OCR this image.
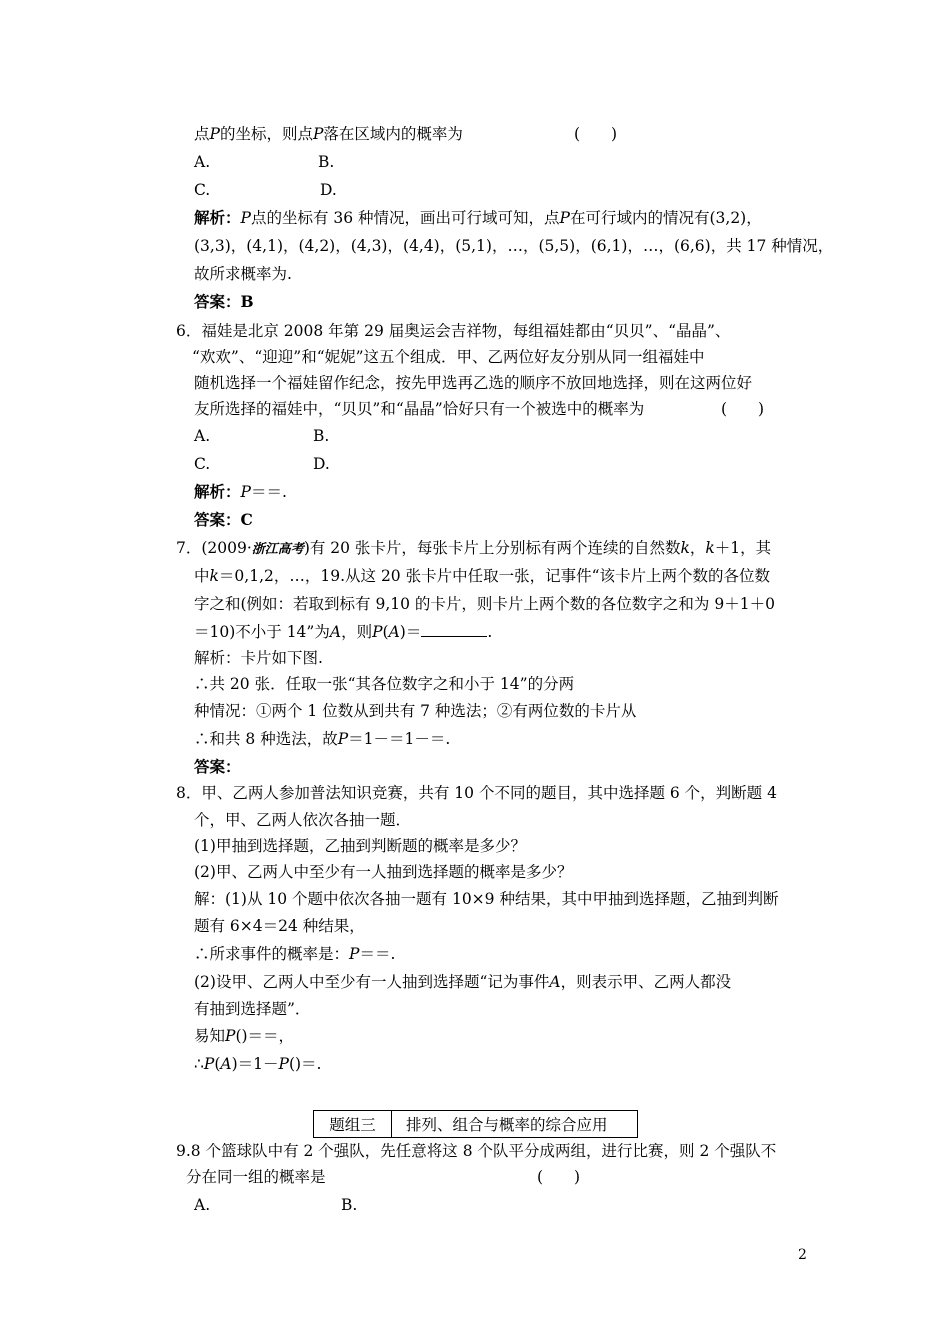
点P的坐标，则点P落在区域内的概率为	(　　)
A.	B.
C.	D.
解析：P点的坐标有 36 种情况，画出可行域可知，点P在可行域内的情况有(3,2)，
(3,3)，(4,1)，(4,2)，(4,3)，(4,4)，(5,1)，…，(5,5)，(6,1)，…，(6,6)，共 17 种情况，
故所求概率为.
答案：B
6．福娃是北京 2008 年第 29 届奥运会吉祥物，每组福娃都由“贝贝”、“晶晶”、
“欢欢”、“迎迎”和“妮妮”这五个组成．甲、乙两位好友分别从同一组福娃中
随机选择一个福娃留作纪念，按先甲选再乙选的顺序不放回地选择，则在这两位好
友所选择的福娃中，“贝贝”和“晶晶”恰好只有一个被选中的概率为	(　　)
A.	B.
C.	D.
解析：P＝＝.
答案：C
7．(2009·浙江高考)有 20 张卡片，每张卡片上分别标有两个连续的自然数k，k＋1，其
中k＝0,1,2，…，19.从这 20 张卡片中任取一张，记事件“该卡片上两个数的各位数
字之和(例如：若取到标有 9,10 的卡片，则卡片上两个数的各位数字之和为 9＋1＋0
＝10)不小于 14”为A，则P(A)＝	.
解析：卡片如下图.
∴共 20 张．任取一张“其各位数字之和小于 14”的分两
种情况：①两个 1 位数从到共有 7 种选法；②有两位数的卡片从
∴和共 8 种选法，故P＝1－＝1－＝.
答案：
8．甲、乙两人参加普法知识竞赛，共有 10 个不同的题目，其中选择题 6 个，判断题 4
个，甲、乙两人依次各抽一题．
(1)甲抽到选择题，乙抽到判断题的概率是多少？
(2)甲、乙两人中至少有一人抽到选择题的概率是多少？
解：(1)从 10 个题中依次各抽一题有 10×9 种结果，其中甲抽到选择题，乙抽到判断
题有 6×4＝24 种结果，
∴所求事件的概率是：P＝＝.
(2)设甲、乙两人中至少有一人抽到选择题“记为事件A，则表示甲、乙两人都没
有抽到选择题”．
易知P()＝＝，
∴P(A)＝1－P()＝.
题组三	排列、组合与概率的综合应用
9.8 个篮球队中有 2 个强队，先任意将这 8 个队平分成两组，进行比赛，则 2 个强队不
分在同一组的概率是	(　　)
A.	B.
2
